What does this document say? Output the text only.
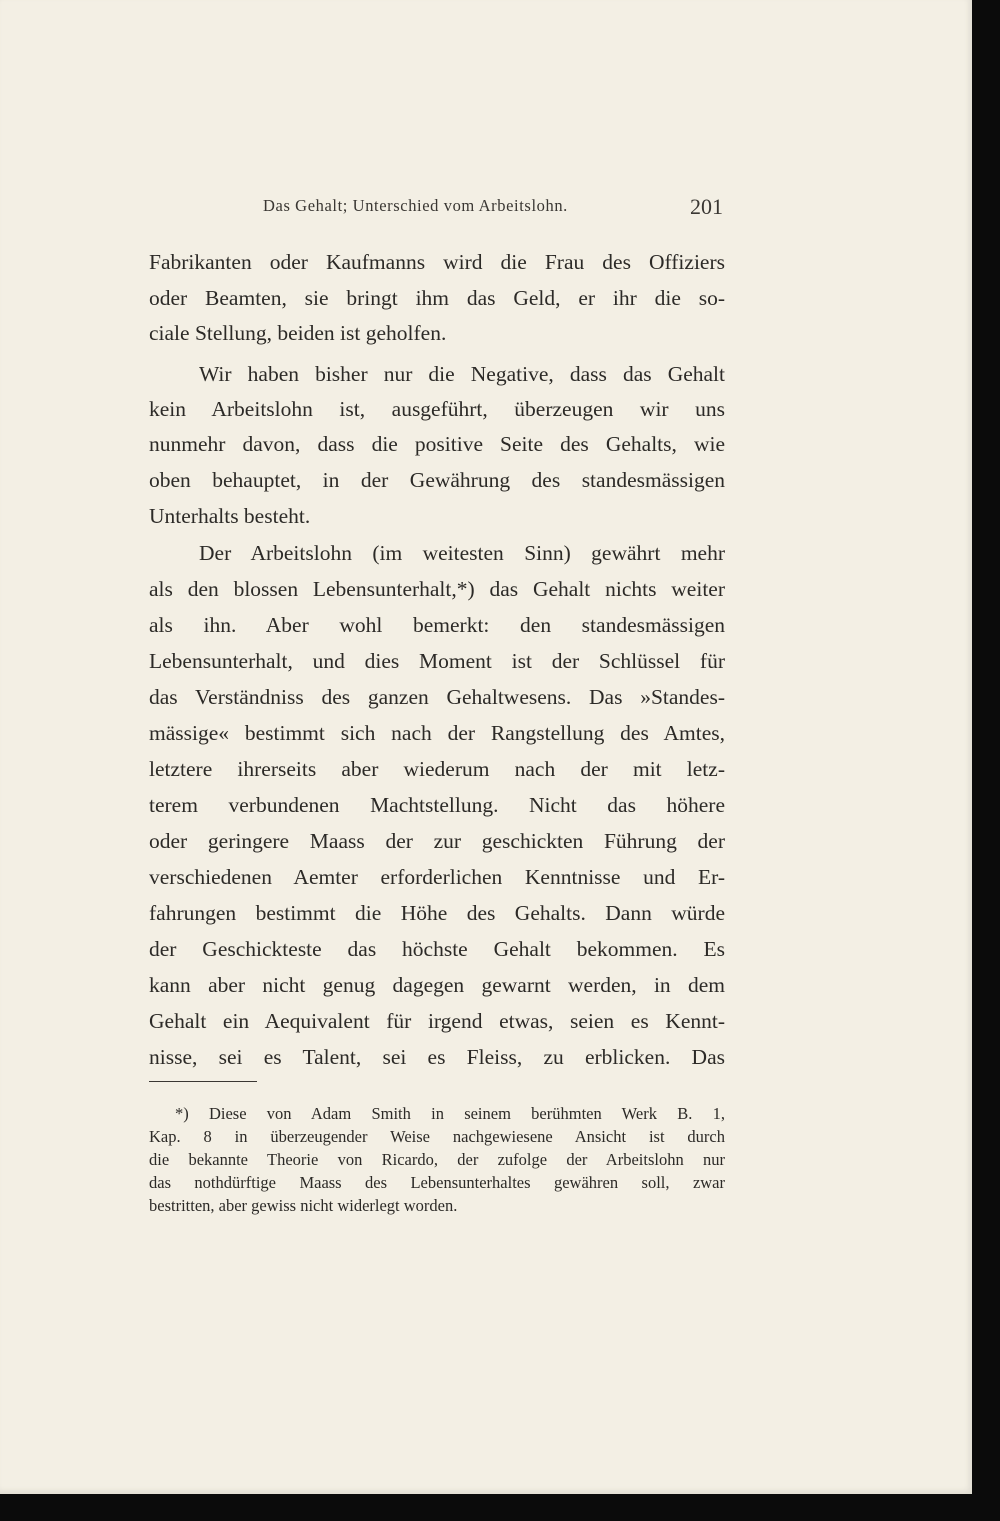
Das Gehalt; Unterschied vom Arbeitslohn.	201
Fabrikanten oder Kaufmanns wird die Frau des Offiziers
oder Beamten, sie bringt ihm das Geld, er ihr die so-
ciale Stellung, beiden ist geholfen.
Wir haben bisher nur die Negative, dass das Gehalt
kein Arbeitslohn ist, ausgeführt, überzeugen wir uns
nunmehr davon, dass die positive Seite des Gehalts, wie
oben behauptet, in der Gewährung des standesmässigen
Unterhalts besteht.
Der Arbeitslohn (im weitesten Sinn) gewährt mehr
als den blossen Lebensunterhalt,*) das Gehalt nichts weiter
als ihn. Aber wohl bemerkt: den standesmässigen
Lebensunterhalt, und dies Moment ist der Schlüssel für
das Verständniss des ganzen Gehaltwesens. Das »Standes-
mässige« bestimmt sich nach der Rangstellung des Amtes,
letztere ihrerseits aber wiederum nach der mit letz-
terem verbundenen Machtstellung. Nicht das höhere
oder geringere Maass der zur geschickten Führung der
verschiedenen Aemter erforderlichen Kenntnisse und Er-
fahrungen bestimmt die Höhe des Gehalts. Dann würde
der Geschickteste das höchste Gehalt bekommen. Es
kann aber nicht genug dagegen gewarnt werden, in dem
Gehalt ein Aequivalent für irgend etwas, seien es Kennt-
nisse, sei es Talent, sei es Fleiss, zu erblicken. Das
*) Diese von Adam Smith in seinem berühmten Werk B. 1,
Kap. 8 in überzeugender Weise nachgewiesene Ansicht ist durch
die bekannte Theorie von Ricardo, der zufolge der Arbeitslohn nur
das nothdürftige Maass des Lebensunterhaltes gewähren soll, zwar
bestritten, aber gewiss nicht widerlegt worden.
